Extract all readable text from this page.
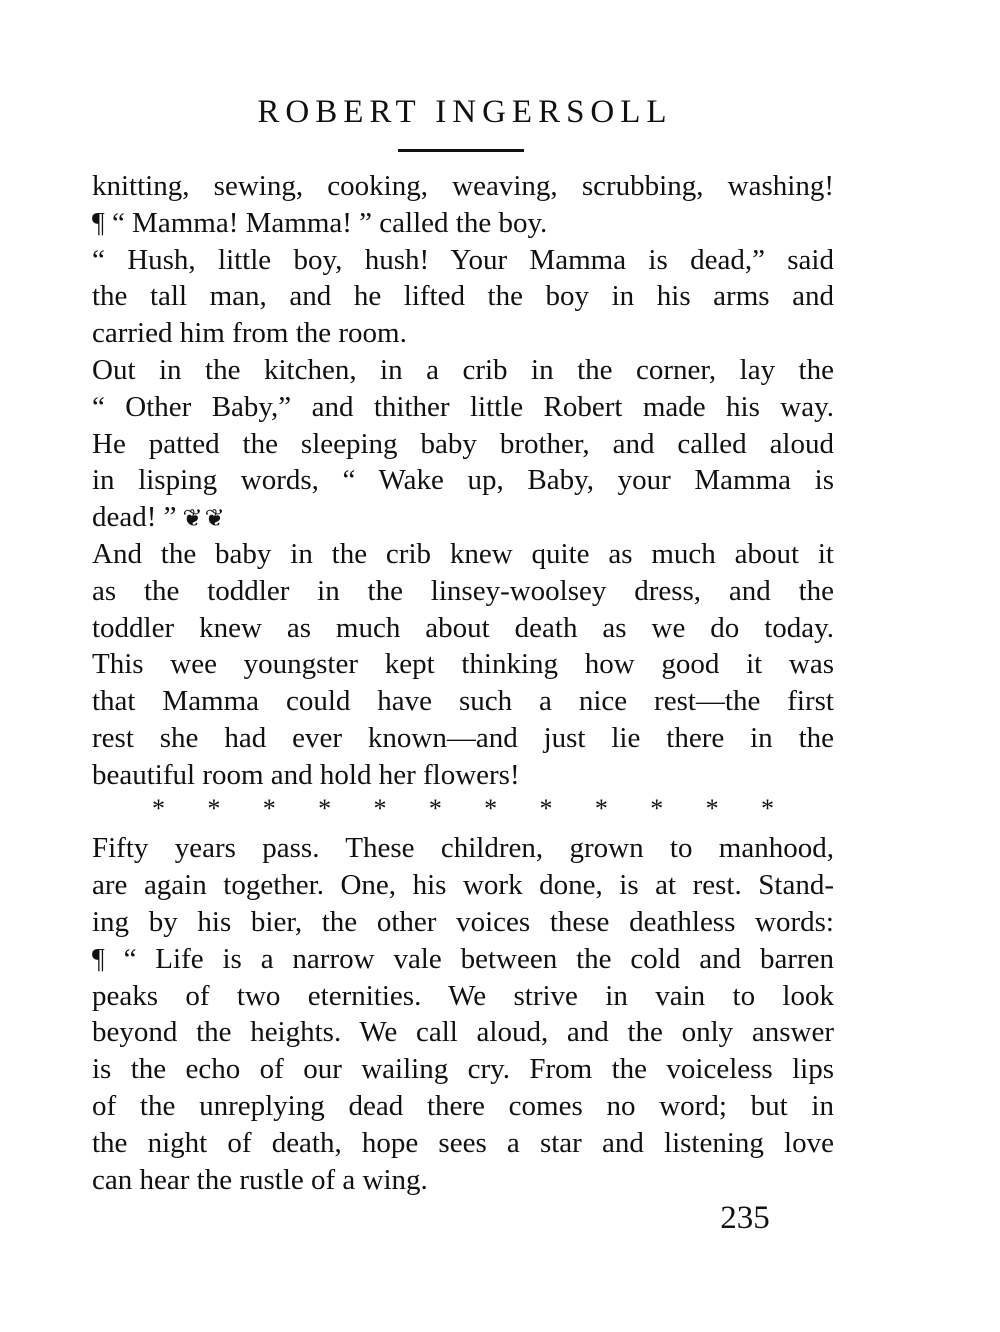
ROBERT INGERSOLL
knitting, sewing, cooking, weaving, scrubbing, washing!
¶ “ Mamma! Mamma! ” called the boy.
“ Hush, little boy, hush! Your Mamma is dead,” said
the tall man, and he lifted the boy in his arms and
carried him from the room.
Out in the kitchen, in a crib in the corner, lay the
“ Other Baby,” and thither little Robert made his way.
He patted the sleeping baby brother, and called aloud
in lisping words, “ Wake up, Baby, your Mamma is
dead! ” ❦❦
And the baby in the crib knew quite as much about it
as the toddler in the linsey-woolsey dress, and the
toddler knew as much about death as we do today.
This wee youngster kept thinking how good it was
that Mamma could have such a nice rest—the first
rest she had ever known—and just lie there in the
beautiful room and hold her flowers!
* * * * * * * * * * * *
Fifty years pass. These children, grown to manhood,
are again together. One, his work done, is at rest. Stand-
ing by his bier, the other voices these deathless words:
¶ “ Life is a narrow vale between the cold and barren
peaks of two eternities. We strive in vain to look
beyond the heights. We call aloud, and the only answer
is the echo of our wailing cry. From the voiceless lips
of the unreplying dead there comes no word; but in
the night of death, hope sees a star and listening love
can hear the rustle of a wing.
235
